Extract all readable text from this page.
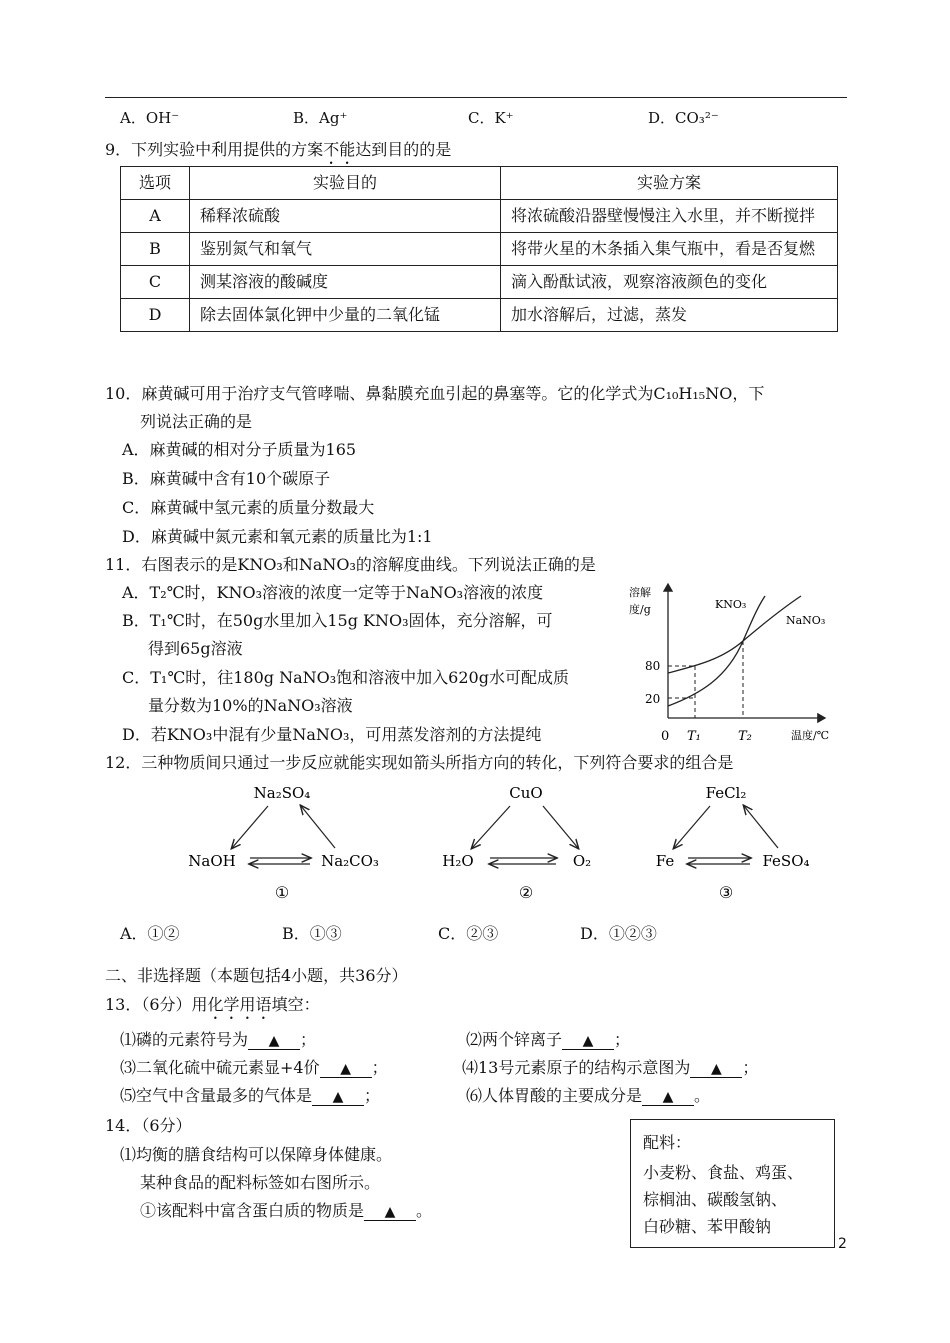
A．OH⁻	B．Ag⁺	C．K⁺	D．CO₃²⁻
9．下列实验中利用提供的方案不能达到目的的是
选项	实验目的	实验方案
A	稀释浓硫酸	将浓硫酸沿器壁慢慢注入水里，并不断搅拌
B	鉴别氮气和氧气	将带火星的木条插入集气瓶中，看是否复燃
C	测某溶液的酸碱度	滴入酚酞试液，观察溶液颜色的变化
D	除去固体氯化钾中少量的二氧化锰	加水溶解后，过滤，蒸发
10．麻黄碱可用于治疗支气管哮喘、鼻黏膜充血引起的鼻塞等。它的化学式为C₁₀H₁₅NO，下
列说法正确的是
A．麻黄碱的相对分子质量为165
B．麻黄碱中含有10个碳原子
C．麻黄碱中氢元素的质量分数最大
D．麻黄碱中氮元素和氧元素的质量比为1:1
11．右图表示的是KNO₃和NaNO₃的溶解度曲线。下列说法正确的是
A．T₂℃时，KNO₃溶液的浓度一定等于NaNO₃溶液的浓度
B．T₁℃时，在50g水里加入15g KNO₃固体，充分溶解，可
得到65g溶液
C．T₁℃时，往180g NaNO₃饱和溶液中加入620g水可配成质
量分数为10%的NaNO₃溶液
D．若KNO₃中混有少量NaNO₃，可用蒸发溶剂的方法提纯
溶解
度/g
温度/℃
0 T₁	T₂
80
20
KNO₃
NaNO₃
12．三种物质间只通过一步反应就能实现如箭头所指方向的转化，下列符合要求的组合是
Na₂SO₄
NaOH	Na₂CO₃
①
CuO
H₂O	O₂
②
FeCl₂
Fe	FeSO₄
③
A．①②	B．①③	C．②③	D．①②③
二、非选择题（本题包括4小题，共36分）
13．（6分）用化学用语填空：
⑴磷的元素符号为 ▲ ；	⑵两个锌离子 ▲ ；
⑶二氧化硫中硫元素显+4价 ▲ ；	⑷13号元素原子的结构示意图为 ▲ ；
⑸空气中含量最多的气体是 ▲ ；	⑹人体胃酸的主要成分是 ▲ 。
14．（6分）
⑴均衡的膳食结构可以保障身体健康。
某种食品的配料标签如右图所示。
①该配料中富含蛋白质的物质是 ▲ 。
配料：
小麦粉、食盐、鸡蛋、
棕榈油、碳酸氢钠、
白砂糖、苯甲酸钠
2
